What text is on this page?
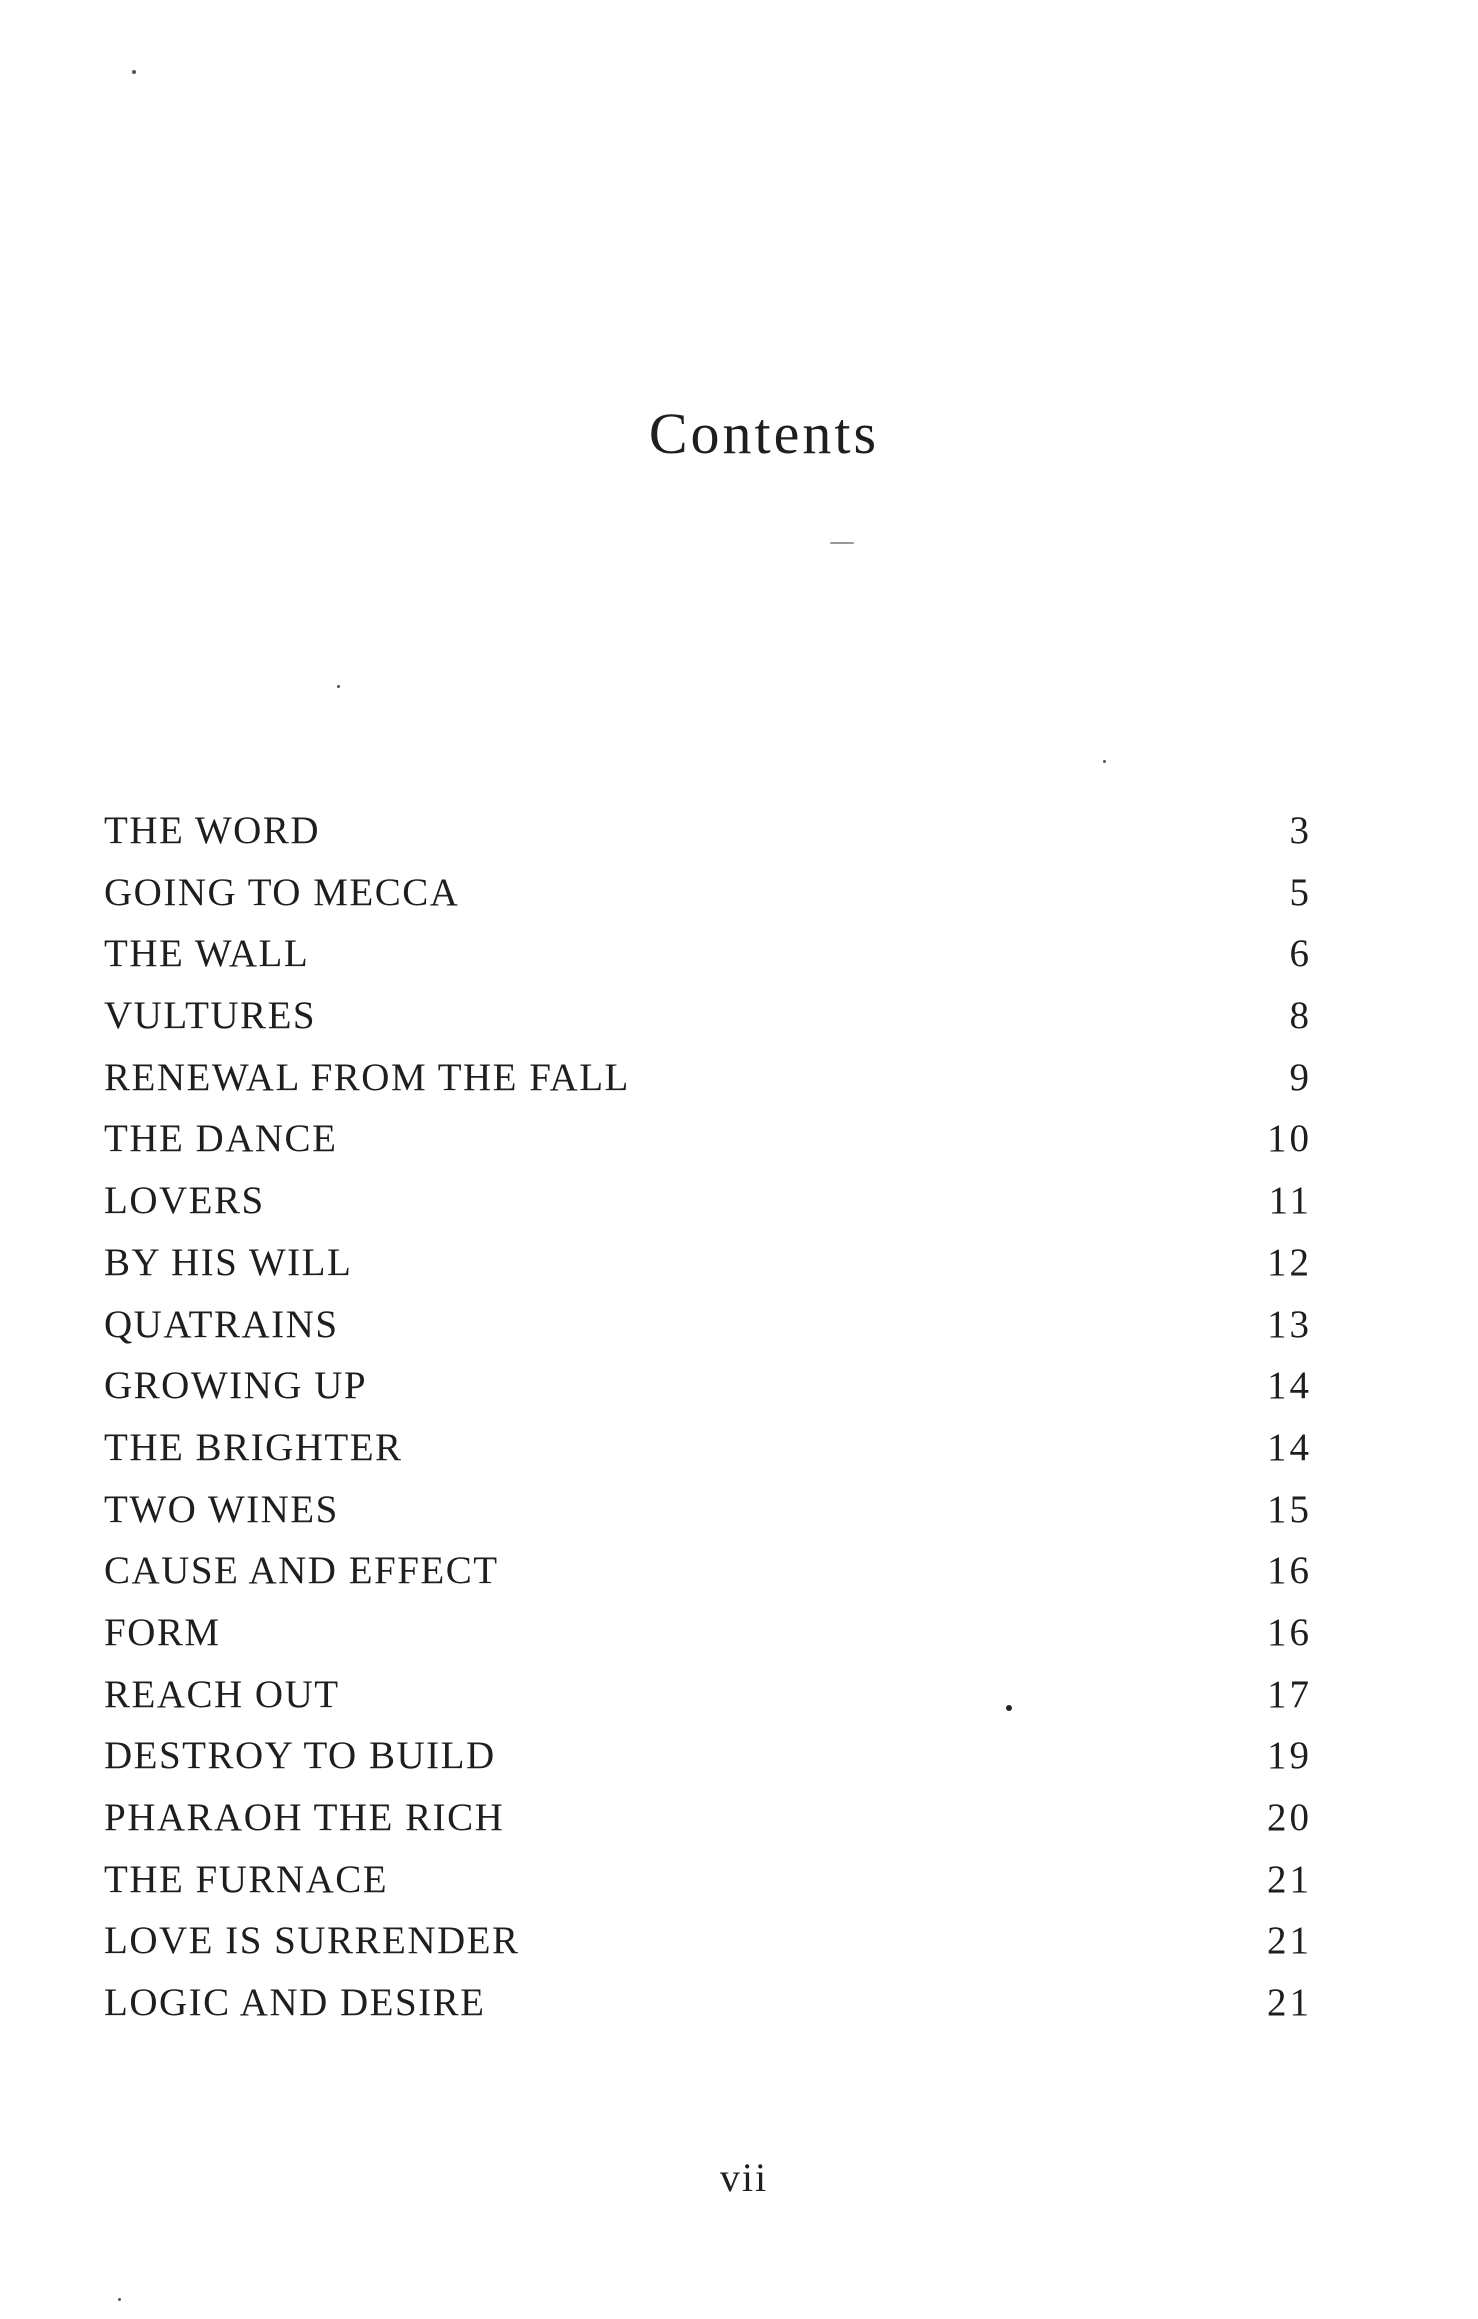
Contents
THE WORD	3
GOING TO MECCA	5
THE WALL	6
VULTURES	8
RENEWAL FROM THE FALL	9
THE DANCE	10
LOVERS	11
BY HIS WILL	12
QUATRAINS	13
GROWING UP	14
THE BRIGHTER	14
TWO WINES	15
CAUSE AND EFFECT	16
FORM	16
REACH OUT	17
DESTROY TO BUILD	19
PHARAOH THE RICH	20
THE FURNACE	21
LOVE IS SURRENDER	21
LOGIC AND DESIRE	21
vii
